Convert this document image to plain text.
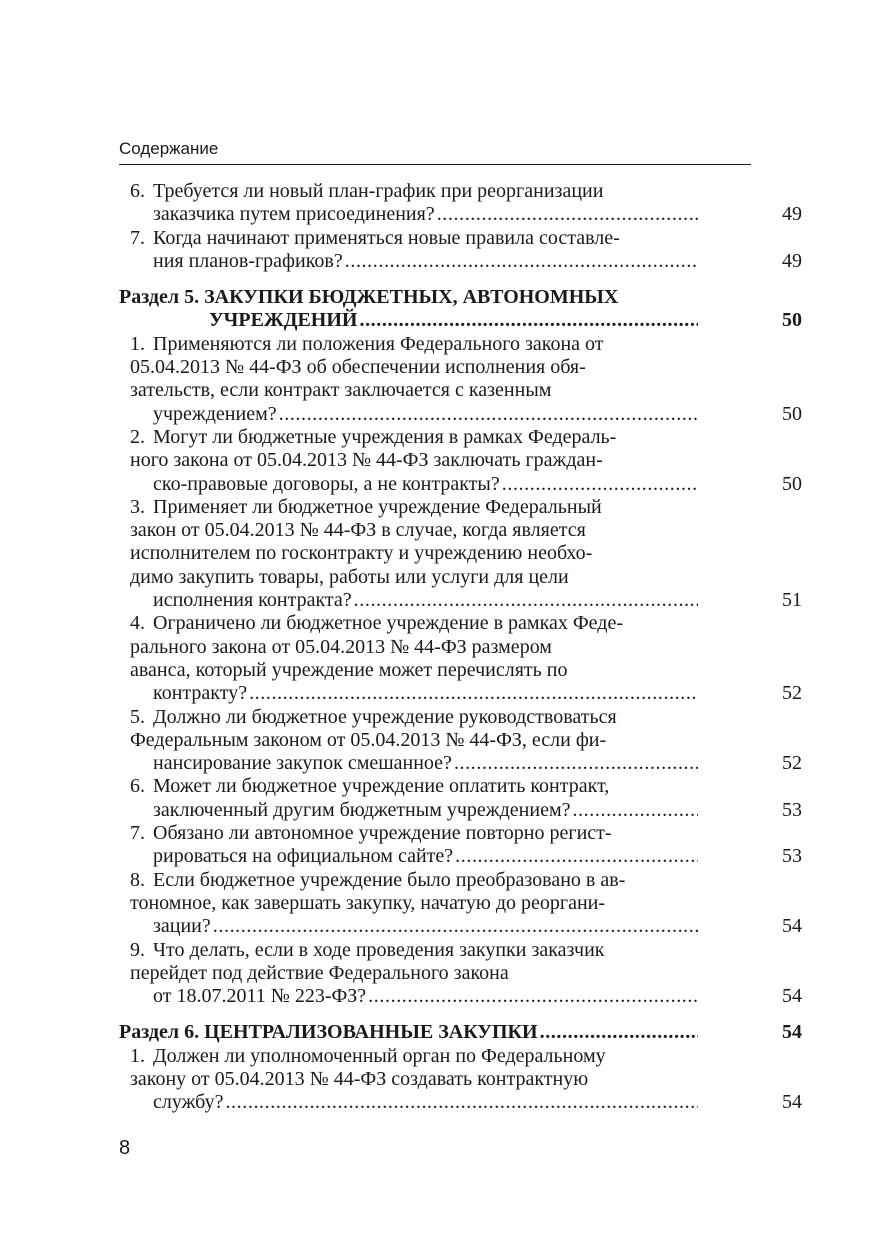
Содержание
6. Требуется ли новый план-график при реорганизации
заказчика путем присоединения? . . .	49
7. Когда начинают применяться новые правила составле-
ния планов-графиков? . . .	49
Раздел 5. ЗАКУПКИ БЮДЖЕТНЫХ, АВТОНОМНЫХ
УЧРЕЖДЕНИЙ . . .	50
1. Применяются ли положения Федерального закона от
05.04.2013 № 44-ФЗ об обеспечении исполнения обя-
зательств, если контракт заключается с казенным
учреждением? . . .	50
2. Могут ли бюджетные учреждения в рамках Федераль-
ного закона от 05.04.2013 № 44-ФЗ заключать граждан-
ско-правовые договоры, а не контракты? . . .	50
3. Применяет ли бюджетное учреждение Федеральный
закон от 05.04.2013 № 44-ФЗ в случае, когда является
исполнителем по госконтракту и учреждению необхо-
димо закупить товары, работы или услуги для цели
исполнения контракта? . . .	51
4. Ограничено ли бюджетное учреждение в рамках Феде-
рального закона от 05.04.2013 № 44-ФЗ размером
аванса, который учреждение может перечислять по
контракту? . . .	52
5. Должно ли бюджетное учреждение руководствоваться
Федеральным законом от 05.04.2013 № 44-ФЗ, если фи-
нансирование закупок смешанное? . . .	52
6. Может ли бюджетное учреждение оплатить контракт,
заключенный другим бюджетным учреждением? . . .	53
7. Обязано ли автономное учреждение повторно регист-
рироваться на официальном сайте? . . .	53
8. Если бюджетное учреждение было преобразовано в ав-
тономное, как завершать закупку, начатую до реоргани-
зации? . . .	54
9. Что делать, если в ходе проведения закупки заказчик
перейдет под действие Федерального закона
от 18.07.2011 № 223-ФЗ? . . .	54
Раздел 6. ЦЕНТРАЛИЗОВАННЫЕ ЗАКУПКИ . . .	54
1. Должен ли уполномоченный орган по Федеральному
закону от 05.04.2013 № 44-ФЗ создавать контрактную
службу? . . .	54
8
